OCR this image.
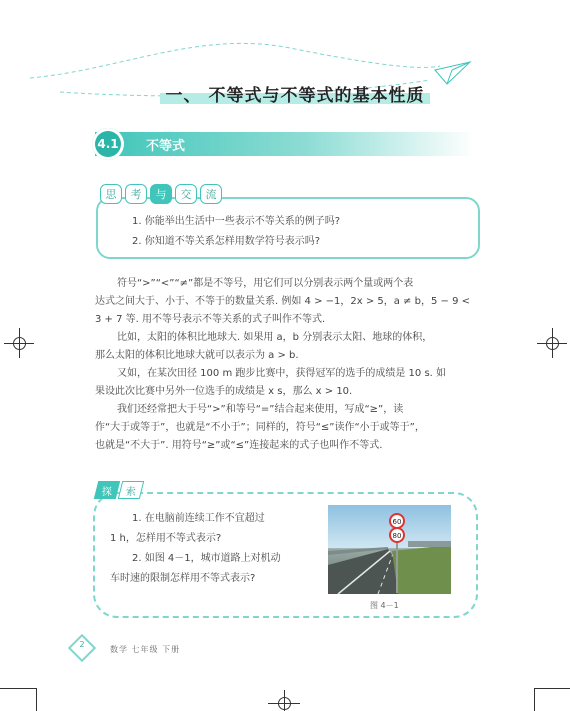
一、 不等式与不等式的基本性质
4.1 不等式
思	考	与	交	流
1. 你能举出生活中一些表示不等关系的例子吗?
2. 你知道不等关系怎样用数学符号表示吗?
符号“>”“<”“≠”都是不等号，用它们可以分别表示两个量或两个表
达式之间大于、小于、不等于的数量关系. 例如 4 > −1，2x > 5，a ≠ b，5 − 9 <
3 + 7 等. 用不等号表示不等关系的式子叫作不等式.
比如，太阳的体积比地球大. 如果用 a，b 分别表示太阳、地球的体积，
那么太阳的体积比地球大就可以表示为 a > b.
又如，在某次田径 100 m 跑步比赛中，获得冠军的选手的成绩是 10 s. 如
果设此次比赛中另外一位选手的成绩是 x s，那么 x > 10.
我们还经常把大于号“>”和等号“=”结合起来使用，写成“≥”，读
作“大于或等于”，也就是“不小于”；同样的，符号“≤”读作“小于或等于”，
也就是“不大于”. 用符号“≥”或“≤”连接起来的式子也叫作不等式.
探 索
1. 在电脑前连续工作不宜超过
1 h，怎样用不等式表示?
2. 如图 4－1，城市道路上对机动
车时速的限制怎样用不等式表示?
60
80
图 4－1
2
数学 七年级 下册
